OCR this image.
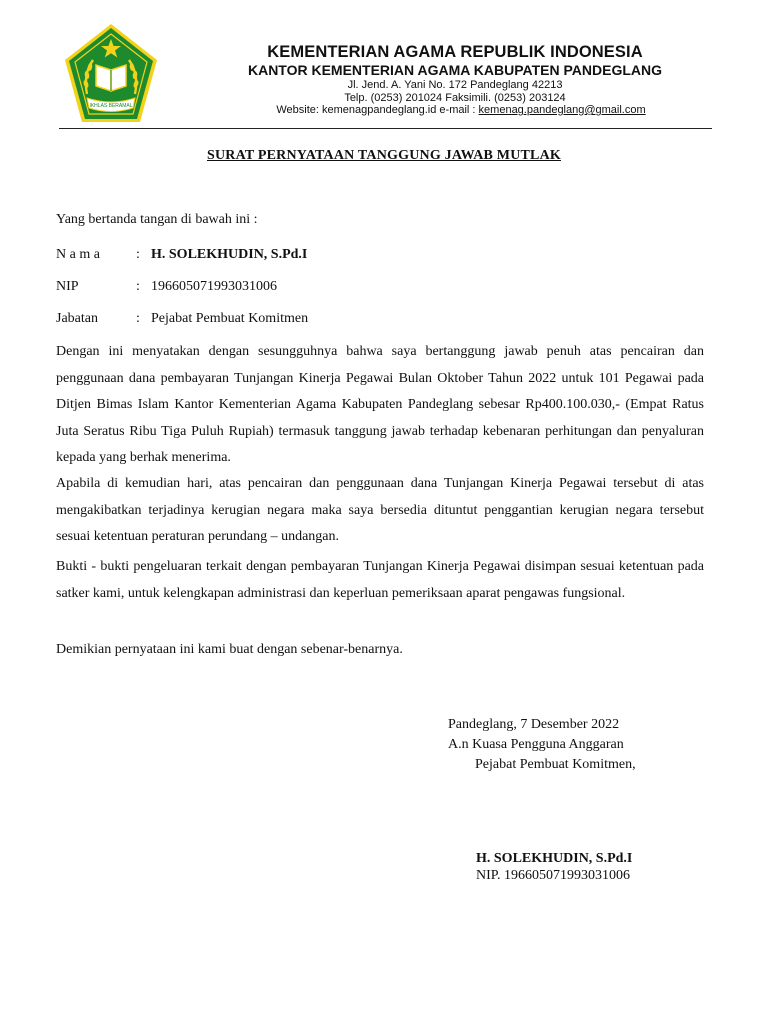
IKHLAS BERAMAL
KEMENTERIAN AGAMA REPUBLIK INDONESIA
KANTOR KEMENTERIAN AGAMA KABUPATEN PANDEGLANG
Jl. Jend. A. Yani No. 172 Pandeglang 42213
Telp. (0253) 201024 Faksimili. (0253) 203124
Website: kemenagpandeglang.id e-mail : kemenag.pandeglang@gmail.com
SURAT PERNYATAAN TANGGUNG JAWAB MUTLAK
Yang bertanda tangan di bawah ini :
N a m a	: H. SOLEKHUDIN, S.Pd.I
NIP	: 196605071993031006
Jabatan	: Pejabat Pembuat Komitmen
Dengan ini menyatakan dengan sesungguhnya bahwa saya bertanggung jawab penuh atas pencairan dan penggunaan dana pembayaran Tunjangan Kinerja Pegawai Bulan Oktober Tahun 2022 untuk 101 Pegawai pada Ditjen Bimas Islam Kantor Kementerian Agama Kabupaten Pandeglang sebesar Rp400.100.030,- (Empat Ratus Juta Seratus Ribu Tiga Puluh Rupiah) termasuk tanggung jawab terhadap kebenaran perhitungan dan penyaluran kepada yang berhak menerima.
Apabila di kemudian hari, atas pencairan dan penggunaan dana Tunjangan Kinerja Pegawai tersebut di atas mengakibatkan terjadinya kerugian negara maka saya bersedia dituntut penggantian kerugian negara tersebut sesuai ketentuan peraturan perundang – undangan.
Bukti - bukti pengeluaran terkait dengan pembayaran Tunjangan Kinerja Pegawai disimpan sesuai ketentuan pada satker kami, untuk kelengkapan administrasi dan keperluan pemeriksaan aparat pengawas fungsional.
Demikian pernyataan ini kami buat dengan sebenar-benarnya.
Pandeglang, 7 Desember 2022
A.n Kuasa Pengguna Anggaran
Pejabat Pembuat Komitmen,
H. SOLEKHUDIN, S.Pd.I
NIP. 196605071993031006
